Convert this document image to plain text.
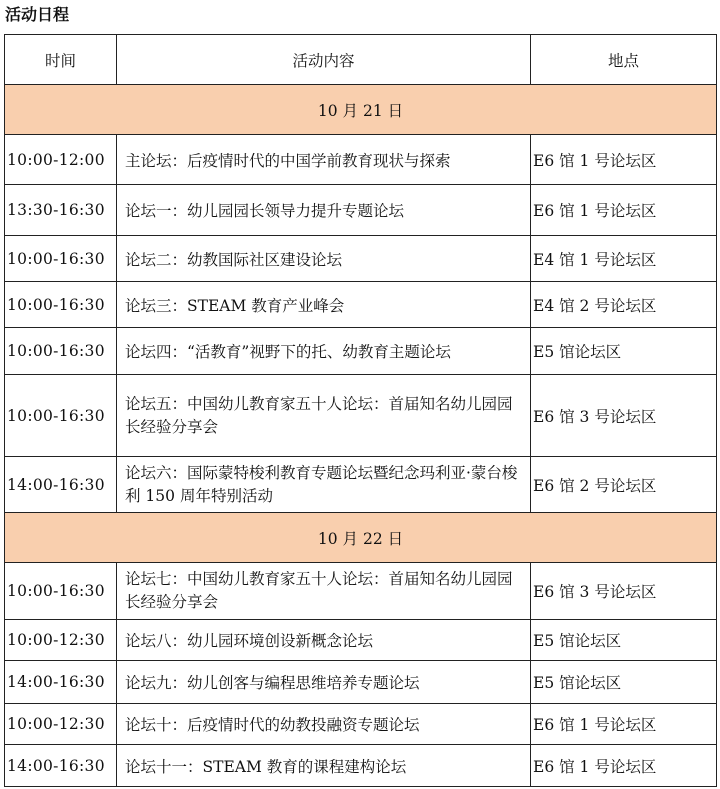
活动日程
时间	活动内容	地点
10 月 21 日		
10:00-12:00	主论坛：后疫情时代的中国学前教育现状与探索	E6 馆 1 号论坛区
13:30-16:30	论坛一：幼儿园园长领导力提升专题论坛	E6 馆 1 号论坛区
10:00-16:30	论坛二：幼教国际社区建设论坛	E4 馆 1 号论坛区
10:00-16:30	论坛三：STEAM 教育产业峰会	E4 馆 2 号论坛区
10:00-16:30	论坛四：“活教育”视野下的托、幼教育主题论坛	E5 馆论坛区
10:00-16:30	论坛五：中国幼儿教育家五十人论坛：首届知名幼儿园园长经验分享会	E6 馆 3 号论坛区
14:00-16:30	论坛六：国际蒙特梭利教育专题论坛暨纪念玛利亚·蒙台梭利 150 周年特别活动	E6 馆 2 号论坛区
10 月 22 日		
10:00-16:30	论坛七：中国幼儿教育家五十人论坛：首届知名幼儿园园长经验分享会	E6 馆 3 号论坛区
10:00-12:30	论坛八：幼儿园环境创设新概念论坛	E5 馆论坛区
14:00-16:30	论坛九：幼儿创客与编程思维培养专题论坛	E5 馆论坛区
10:00-12:30	论坛十：后疫情时代的幼教投融资专题论坛	E6 馆 1 号论坛区
14:00-16:30	论坛十一：STEAM 教育的课程建构论坛	E6 馆 1 号论坛区
